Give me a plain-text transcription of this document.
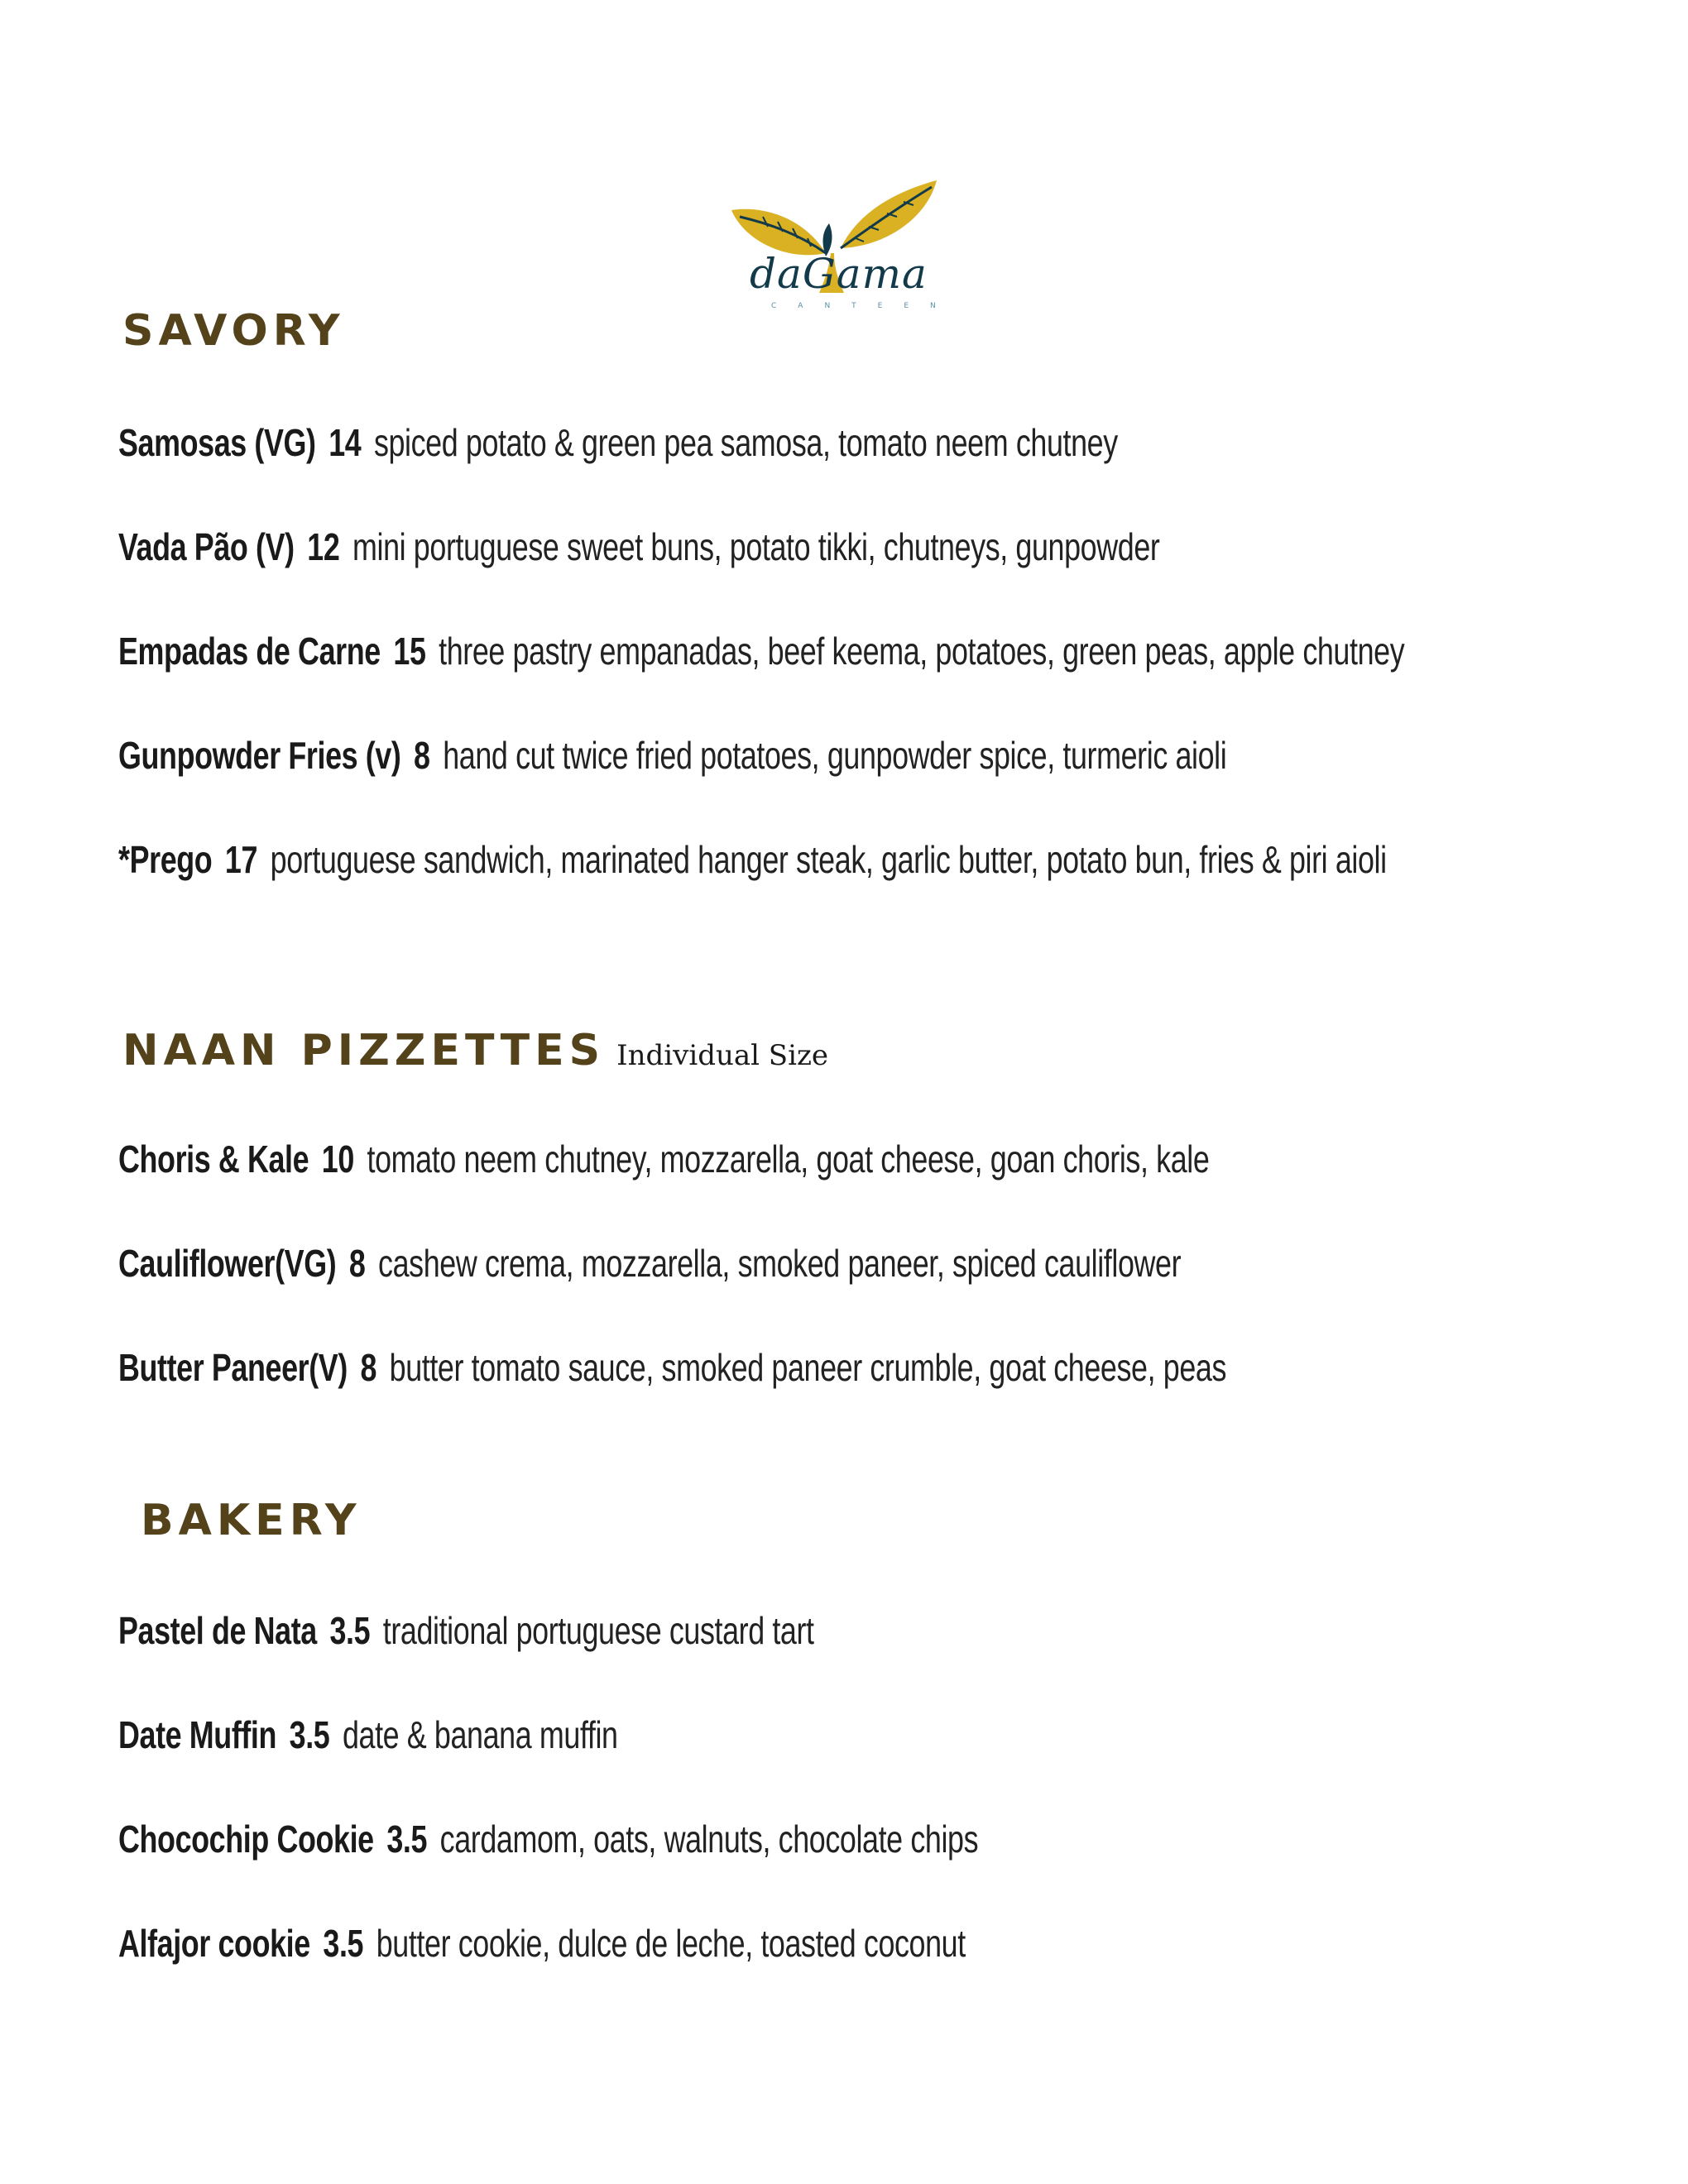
daGama
CANTEEN
SAVORY

Samosas (VG) 14 spiced potato & green pea samosa, tomato neem chutney

Vada Pão (V) 12 mini portuguese sweet buns, potato tikki, chutneys, gunpowder

Empadas de Carne 15 three pastry empanadas, beef keema, potatoes, green peas, apple chutney

Gunpowder Fries (v) 8 hand cut twice fried potatoes, gunpowder spice, turmeric aioli

*Prego 17 portuguese sandwich, marinated hanger steak, garlic butter, potato bun, fries & piri aioli

NAAN PIZZETTES Individual Size

Choris & Kale 10 tomato neem chutney, mozzarella, goat cheese, goan choris, kale

Cauliflower(VG) 8 cashew crema, mozzarella, smoked paneer, spiced cauliflower

Butter Paneer(V) 8 butter tomato sauce, smoked paneer crumble, goat cheese, peas

BAKERY

Pastel de Nata 3.5 traditional portuguese custard tart

Date Muffin 3.5 date & banana muffin

Chocochip Cookie 3.5 cardamom, oats, walnuts, chocolate chips

Alfajor cookie 3.5 butter cookie, dulce de leche, toasted coconut
